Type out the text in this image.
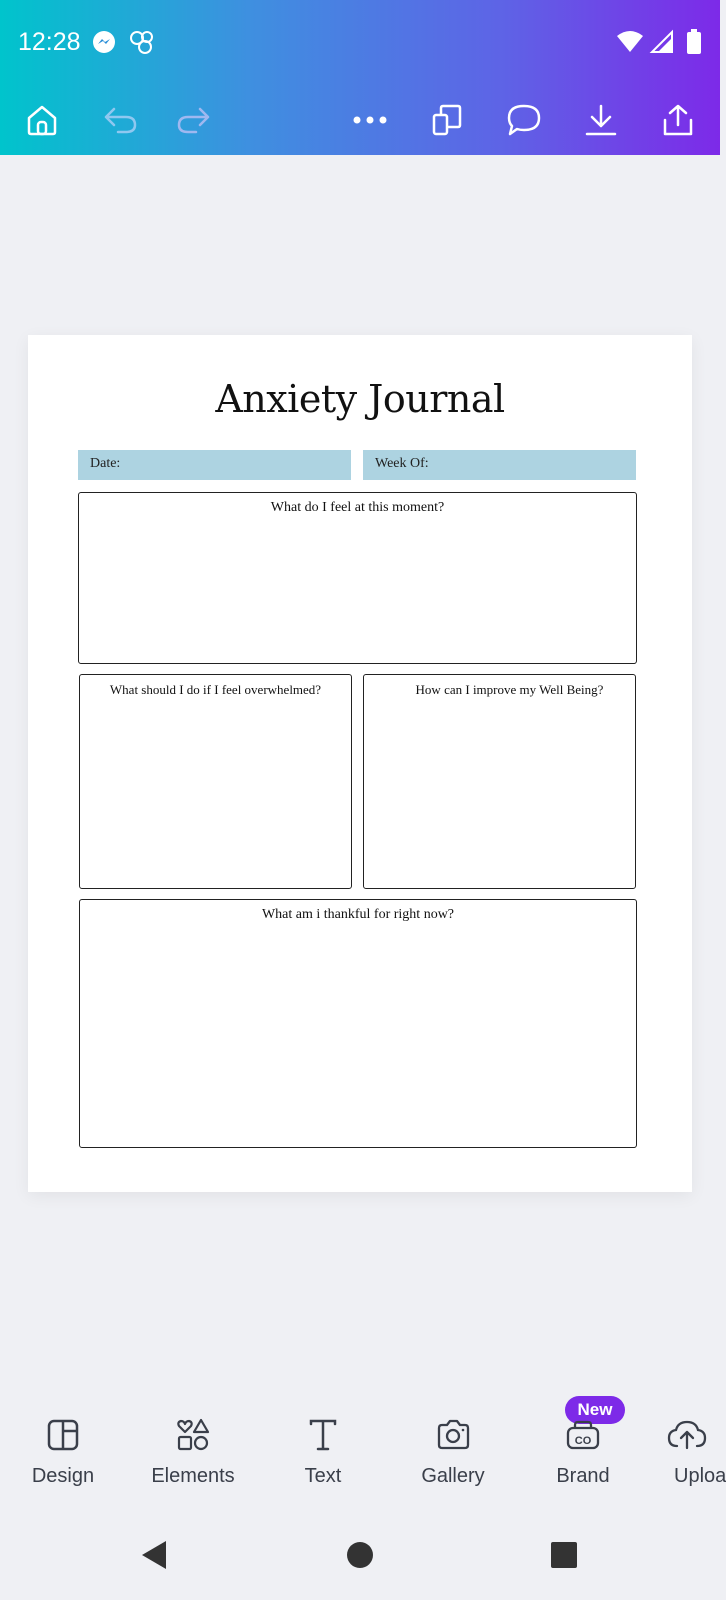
12:28
Anxiety Journal
Date:	Week Of:
What do I feel at this moment?
What should I do if I feel overwhelmed?	How can I improve my Well Being?
What am i thankful for right now?
New
Design	Elements	Text	Gallery
CO
Brand	Uploa
